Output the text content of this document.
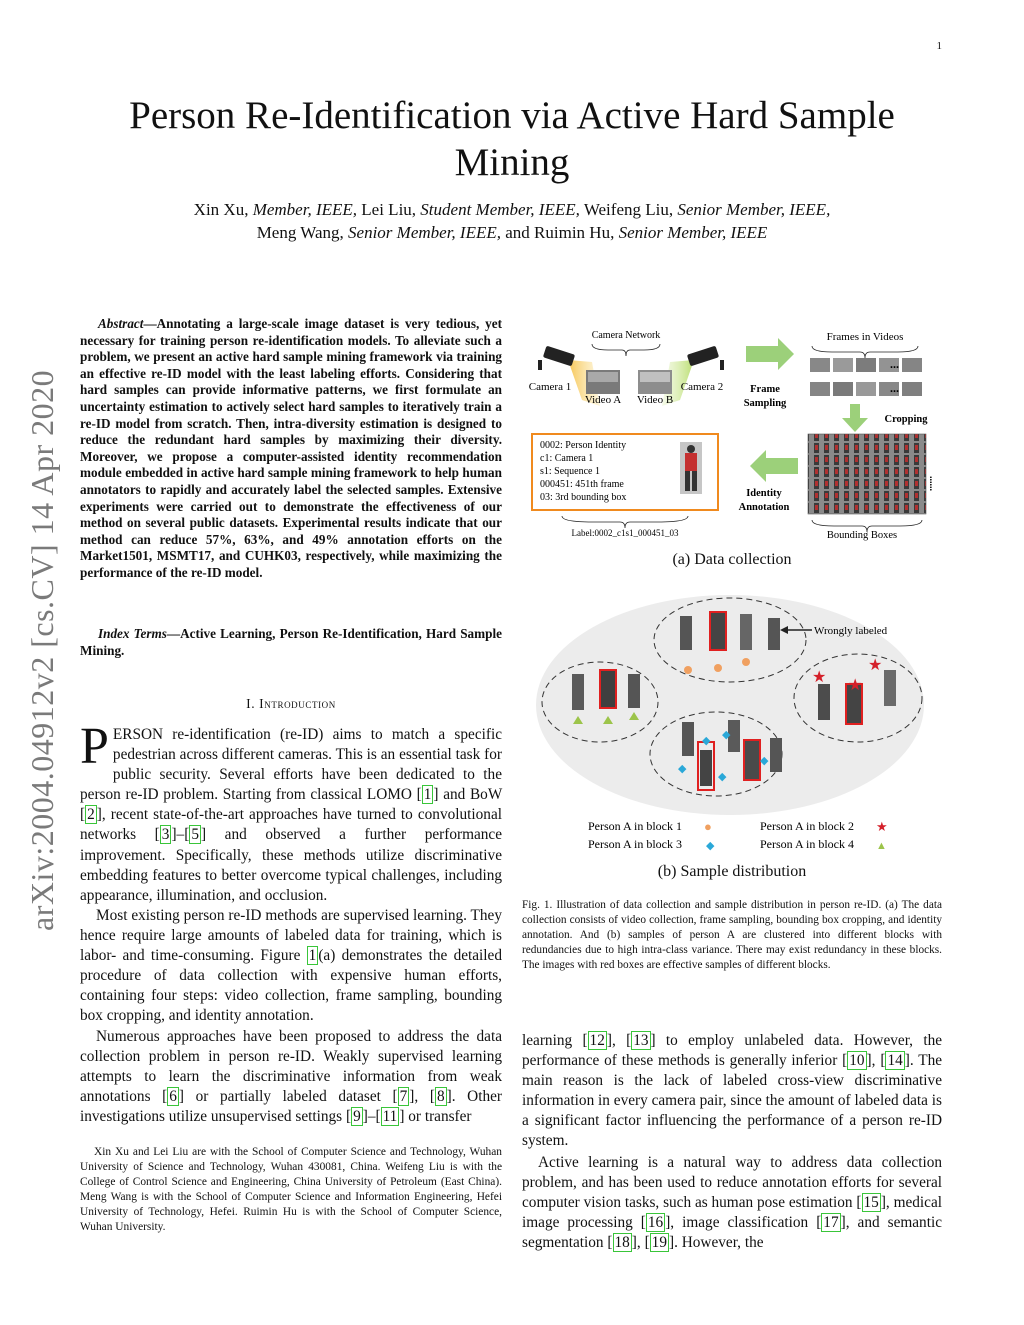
1
arXiv:2004.04912v2 [cs.CV] 14 Apr 2020
Person Re-Identification via Active Hard Sample Mining
Xin Xu, Member, IEEE, Lei Liu, Student Member, IEEE, Weifeng Liu, Senior Member, IEEE,
Meng Wang, Senior Member, IEEE, and Ruimin Hu, Senior Member, IEEE
Abstract—Annotating a large-scale image dataset is very tedious, yet necessary for training person re-identification models. To alleviate such a problem, we present an active hard sample mining framework via training an effective re-ID model with the least labeling efforts. Considering that hard samples can provide informative patterns, we first formulate an uncertainty estimation to actively select hard samples to iteratively train a re-ID model from scratch. Then, intra-diversity estimation is designed to reduce the redundant hard samples by maximizing their diversity. Moreover, we propose a computer-assisted identity recommendation module embedded in active hard sample mining framework to help human annotators to rapidly and accurately label the selected samples. Extensive experiments were carried out to demonstrate the effectiveness of our method on several public datasets. Experimental results indicate that our method can reduce 57%, 63%, and 49% annotation efforts on the Market1501, MSMT17, and CUHK03, respectively, while maximizing the performance of the re-ID model.
Index Terms—Active Learning, Person Re-Identification, Hard Sample Mining.
I. Introduction
PERSON re-identification (re-ID) aims to match a specific pedestrian across different cameras. This is an essential task for public security. Several efforts have been dedicated to the person re-ID problem. Starting from classical LOMO [ 1 ] and BoW [ 2 ], recent state-of-the-art approaches have turned to convolutional networks [ 3 ]–[ 5 ] and observed a further performance improvement. Specifically, these methods utilize discriminative embedding features to better overcome typical challenges, including appearance, illumination, and occlusion.
Most existing person re-ID methods are supervised learning. They hence require large amounts of labeled data for training, which is labor- and time-consuming. Figure 1 (a) demonstrates the detailed procedure of data collection with expensive human efforts, containing four steps: video collection, frame sampling, bounding box cropping, and identity annotation.
Numerous approaches have been proposed to address the data collection problem in person re-ID. Weakly supervised learning attempts to learn the discriminative information from weak annotations [ 6 ] or partially labeled dataset [ 7 ], [ 8 ]. Other investigations utilize unsupervised settings [ 9 ]–[ 11 ] or transfer
Xin Xu and Lei Liu are with the School of Computer Science and Technology, Wuhan University of Science and Technology, Wuhan 430081, China. Weifeng Liu is with the College of Control Science and Engineering, China University of Petroleum (East China). Meng Wang is with the School of Computer Science and Information Engineering, Hefei University of Technology, Hefei. Ruimin Hu is with the School of Computer Science, Wuhan University.
Camera Network
Camera 1	Camera 2
Video A Video B
Frame
Sampling
Frames in Videos
...
...
Cropping
......
Bounding Boxes
Identity
Annotation
0002: Person Identity
c1: Camera 1
s1: Sequence 1
000451: 451th frame
03: 3rd bounding box
Label:0002_c1s1_000451_03
(a) Data collection
★ ★
★
◆
◆
◆
◆
◆
Wrongly labeled
Person A in block 1 ●	Person A in block 2 ★
Person A in block 3 ◆	Person A in block 4 ▲
(b) Sample distribution
Fig. 1. Illustration of data collection and sample distribution in person re-ID. (a) The data collection consists of video collection, frame sampling, bounding box cropping, and identity annotation. And (b) samples of person A are clustered into different blocks with redundancies due to high intra-class variance. There may exist redundancy in these blocks. The images with red boxes are effective samples of different blocks.
learning [ 12 ], [ 13 ] to employ unlabeled data. However, the performance of these methods is generally inferior [ 10 ], [ 14 ]. The main reason is the lack of labeled cross-view discriminative information in every camera pair, since the amount of labeled data is a significant factor influencing the performance of a person re-ID system.
Active learning is a natural way to address data collection problem, and has been used to reduce annotation efforts for several computer vision tasks, such as human pose estimation [ 15 ], medical image processing [ 16 ], image classification [ 17 ], and semantic segmentation [ 18 ], [ 19 ]. However, the
